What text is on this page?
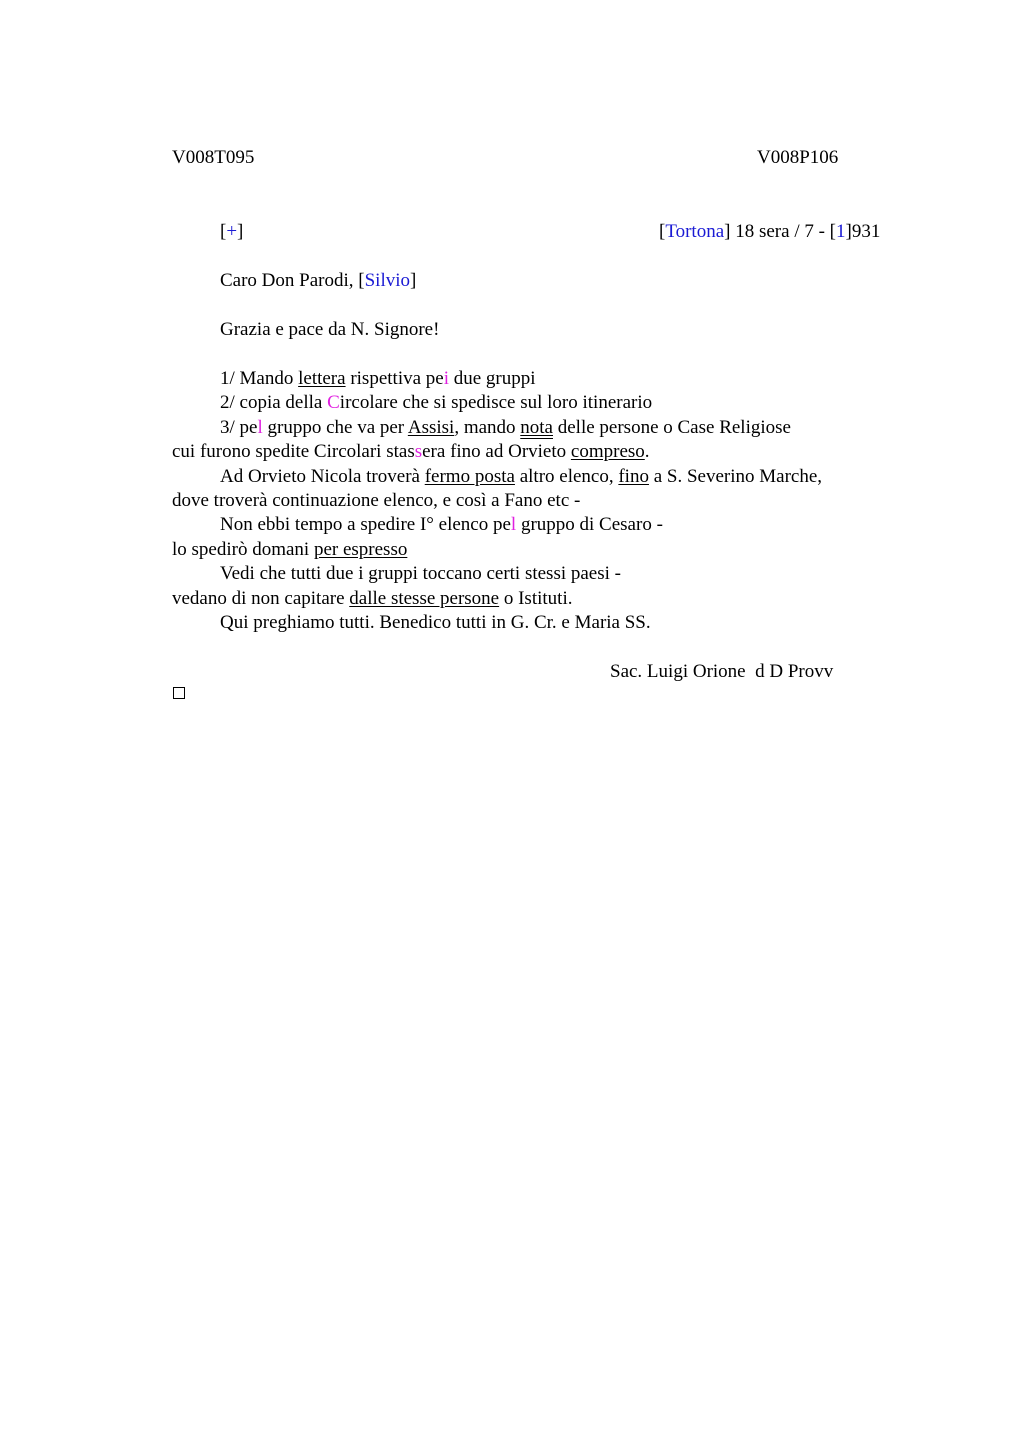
V008T095	V008P106
[+]	[Tortona] 18 sera / 7 - [1]931
Caro Don Parodi, [Silvio]
Grazia e pace da N. Signore!
1/ Mando lettera rispettiva pei due gruppi
2/ copia della Circolare che si spedisce sul loro itinerario
3/ pel gruppo che va per Assisi, mando nota delle persone o Case Religiose
cui furono spedite Circolari stassera fino ad Orvieto compreso.
Ad Orvieto Nicola troverà fermo posta altro elenco, fino a S. Severino Marche,
dove troverà continuazione elenco, e così a Fano etc -
Non ebbi tempo a spedire I° elenco pel gruppo di Cesaro -
lo spedirò domani per espresso
Vedi che tutti due i gruppi toccano certi stessi paesi -
vedano di non capitare dalle stesse persone o Istituti.
Qui preghiamo tutti. Benedico tutti in G. Cr. e Maria SS.
Sac. Luigi Orione  d D Provv
